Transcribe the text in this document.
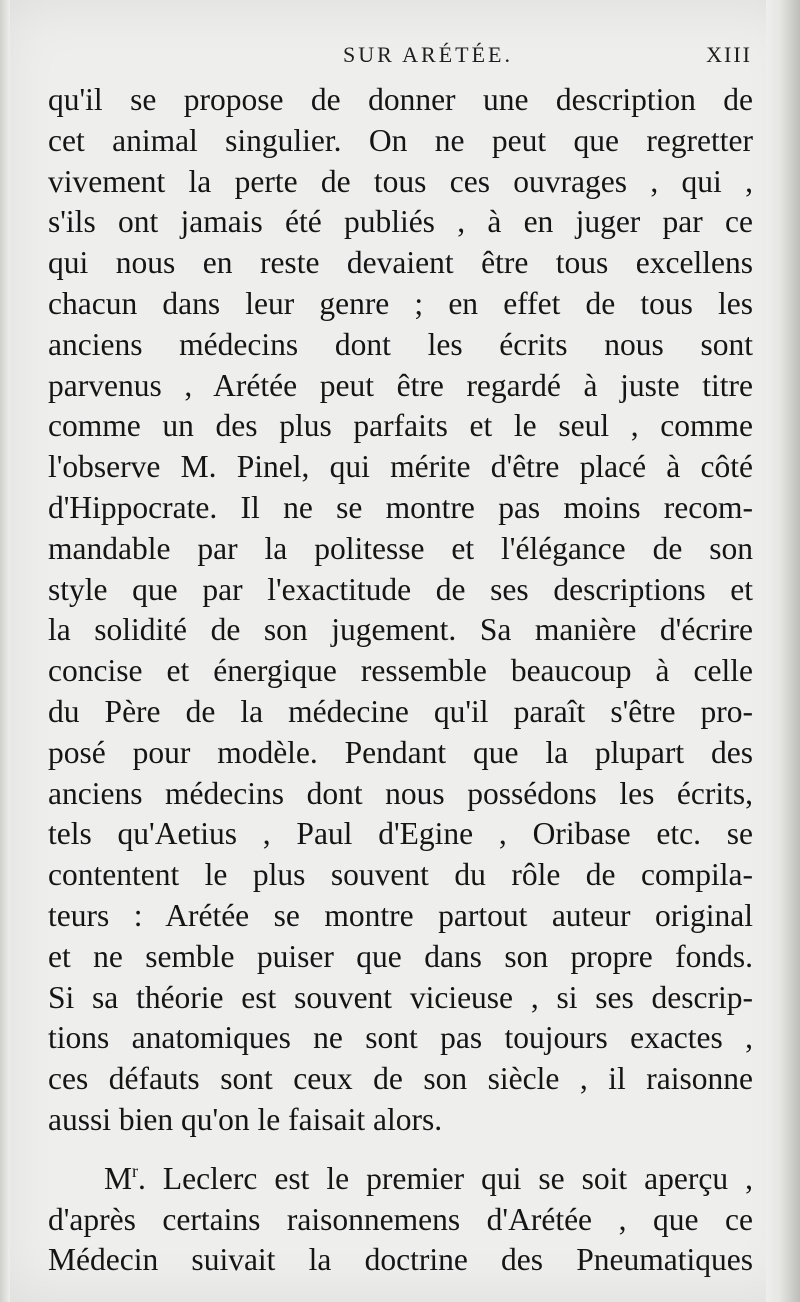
SUR ARÉTÉE.	XIII
qu'il se propose de donner une description de
cet animal singulier. On ne peut que regretter
vivement la perte de tous ces ouvrages , qui ,
s'ils ont jamais été publiés , à en juger par ce
qui nous en reste devaient être tous excellens
chacun dans leur genre ; en effet de tous les
anciens médecins dont les écrits nous sont
parvenus , Arétée peut être regardé à juste titre
comme un des plus parfaits et le seul , comme
l'observe M. Pinel, qui mérite d'être placé à côté
d'Hippocrate. Il ne se montre pas moins recom-
mandable par la politesse et l'élégance de son
style que par l'exactitude de ses descriptions et
la solidité de son jugement. Sa manière d'écrire
concise et énergique ressemble beaucoup à celle
du Père de la médecine qu'il paraît s'être pro-
posé pour modèle. Pendant que la plupart des
anciens médecins dont nous possédons les écrits,
tels qu'Aetius , Paul d'Egine , Oribase etc. se
contentent le plus souvent du rôle de compila-
teurs : Arétée se montre partout auteur original
et ne semble puiser que dans son propre fonds.
Si sa théorie est souvent vicieuse , si ses descrip-
tions anatomiques ne sont pas toujours exactes ,
ces défauts sont ceux de son siècle , il raisonne
aussi bien qu'on le faisait alors.
$M^r$. Leclerc est le premier qui se soit aperçu ,
d'après certains raisonnemens d'Arétée , que ce
Médecin suivait la doctrine des Pneumatiques
